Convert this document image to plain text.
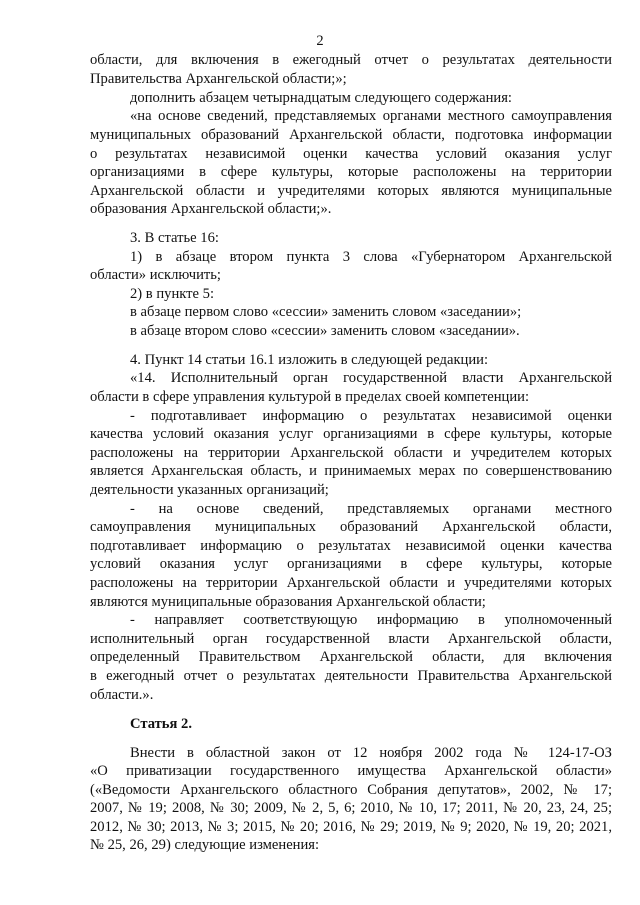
2
области, для включения в ежегодный отчет о результатах деятельности
Правительства Архангельской области;»;
дополнить абзацем четырнадцатым следующего содержания:
«на основе сведений, представляемых органами местного самоуправления
муниципальных образований Архангельской области, подготовка информации
о результатах независимой оценки качества условий оказания услуг
организациями в сфере культуры, которые расположены на территории
Архангельской области и учредителями которых являются муниципальные
образования Архангельской области;».
3. В статье 16:
1) в абзаце втором пункта 3 слова «Губернатором Архангельской
области» исключить;
2) в пункте 5:
в абзаце первом слово «сессии» заменить словом «заседании»;
в абзаце втором слово «сессии» заменить словом «заседании».
4. Пункт 14 статьи 16.1 изложить в следующей редакции:
«14. Исполнительный орган государственной власти Архангельской
области в сфере управления культурой в пределах своей компетенции:
- подготавливает информацию о результатах независимой оценки
качества условий оказания услуг организациями в сфере культуры, которые
расположены на территории Архангельской области и учредителем которых
является Архангельская область, и принимаемых мерах по совершенствованию
деятельности указанных организаций;
- на основе сведений, представляемых органами местного
самоуправления муниципальных образований Архангельской области,
подготавливает информацию о результатах независимой оценки качества
условий оказания услуг организациями в сфере культуры, которые
расположены на территории Архангельской области и учредителями которых
являются муниципальные образования Архангельской области;
- направляет соответствующую информацию в уполномоченный
исполнительный орган государственной власти Архангельской области,
определенный Правительством Архангельской области, для включения
в ежегодный отчет о результатах деятельности Правительства Архангельской
области.».
Статья 2.
Внести в областной закон от 12 ноября 2002 года № 124-17-ОЗ
«О приватизации государственного имущества Архангельской области»
(«Ведомости Архангельского областного Собрания депутатов», 2002, № 17;
2007, № 19; 2008, № 30; 2009, № 2, 5, 6; 2010, № 10, 17; 2011, № 20, 23, 24, 25;
2012, № 30; 2013, № 3; 2015, № 20; 2016, № 29; 2019, № 9; 2020, № 19, 20; 2021,
№ 25, 26, 29) следующие изменения:
